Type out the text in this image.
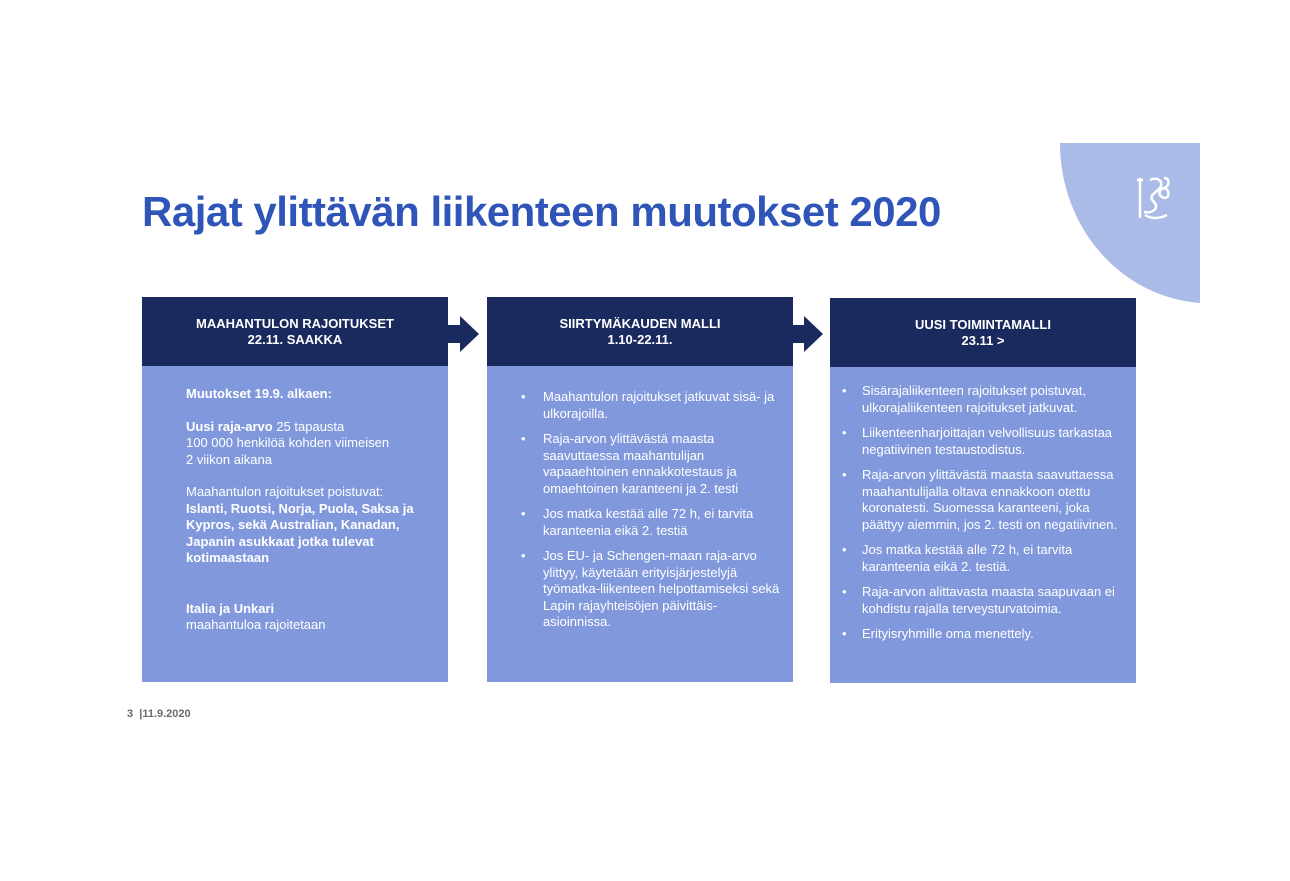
Rajat ylittävän liikenteen muutokset 2020
MAAHANTULON RAJOITUKSET
22.11. SAAKKA

Muutokset 19.9. alkaen:

Uusi raja-arvo 25 tapausta
100 000 henkilöä kohden viimeisen
2 viikon aikana

Maahantulon rajoitukset poistuvat:
Islanti, Ruotsi, Norja, Puola, Saksa ja Kypros, sekä Australian, Kanadan, Japanin asukkaat jotka tulevat kotimaastaan

Italia ja Unkari
maahantuloa rajoitetaan

SIIRTYMÄKAUDEN MALLI
1.10-22.11.
• Maahantulon rajoitukset jatkuvat sisä- ja ulkorajoilla.
• Raja-arvon ylittävästä maasta saavuttaessa maahantulijan vapaaehtoinen ennakkotestaus ja omaehtoinen karanteeni ja 2. testi
• Jos matka kestää alle 72 h, ei tarvita karanteenia eikä 2. testiä
• Jos EU- ja Schengen-maan raja-arvo ylittyy, käytetään erityisjärjestelyjä työmatka-liikenteen helpottamiseksi sekä Lapin rajayhteisöjen päivittäis-asioinnissa.
UUSI TOIMINTAMALLI
23.11 >
• Sisärajaliikenteen rajoitukset poistuvat, ulkorajaliikenteen rajoitukset jatkuvat.
• Liikenteenharjoittajan velvollisuus tarkastaa negatiivinen testaustodistus.
• Raja-arvon ylittävästä maasta saavuttaessa maahantulijalla oltava ennakkoon otettu koronatesti. Suomessa karanteeni, joka päättyy aiemmin, jos 2. testi on negatiivinen.
• Jos matka kestää alle 72 h, ei tarvita karanteenia eikä 2. testiä.
• Raja-arvon alittavasta maasta saapuvaan ei kohdistu rajalla terveysturvatoimia.
• Erityisryhmille oma menettely.
3 |11.9.2020
